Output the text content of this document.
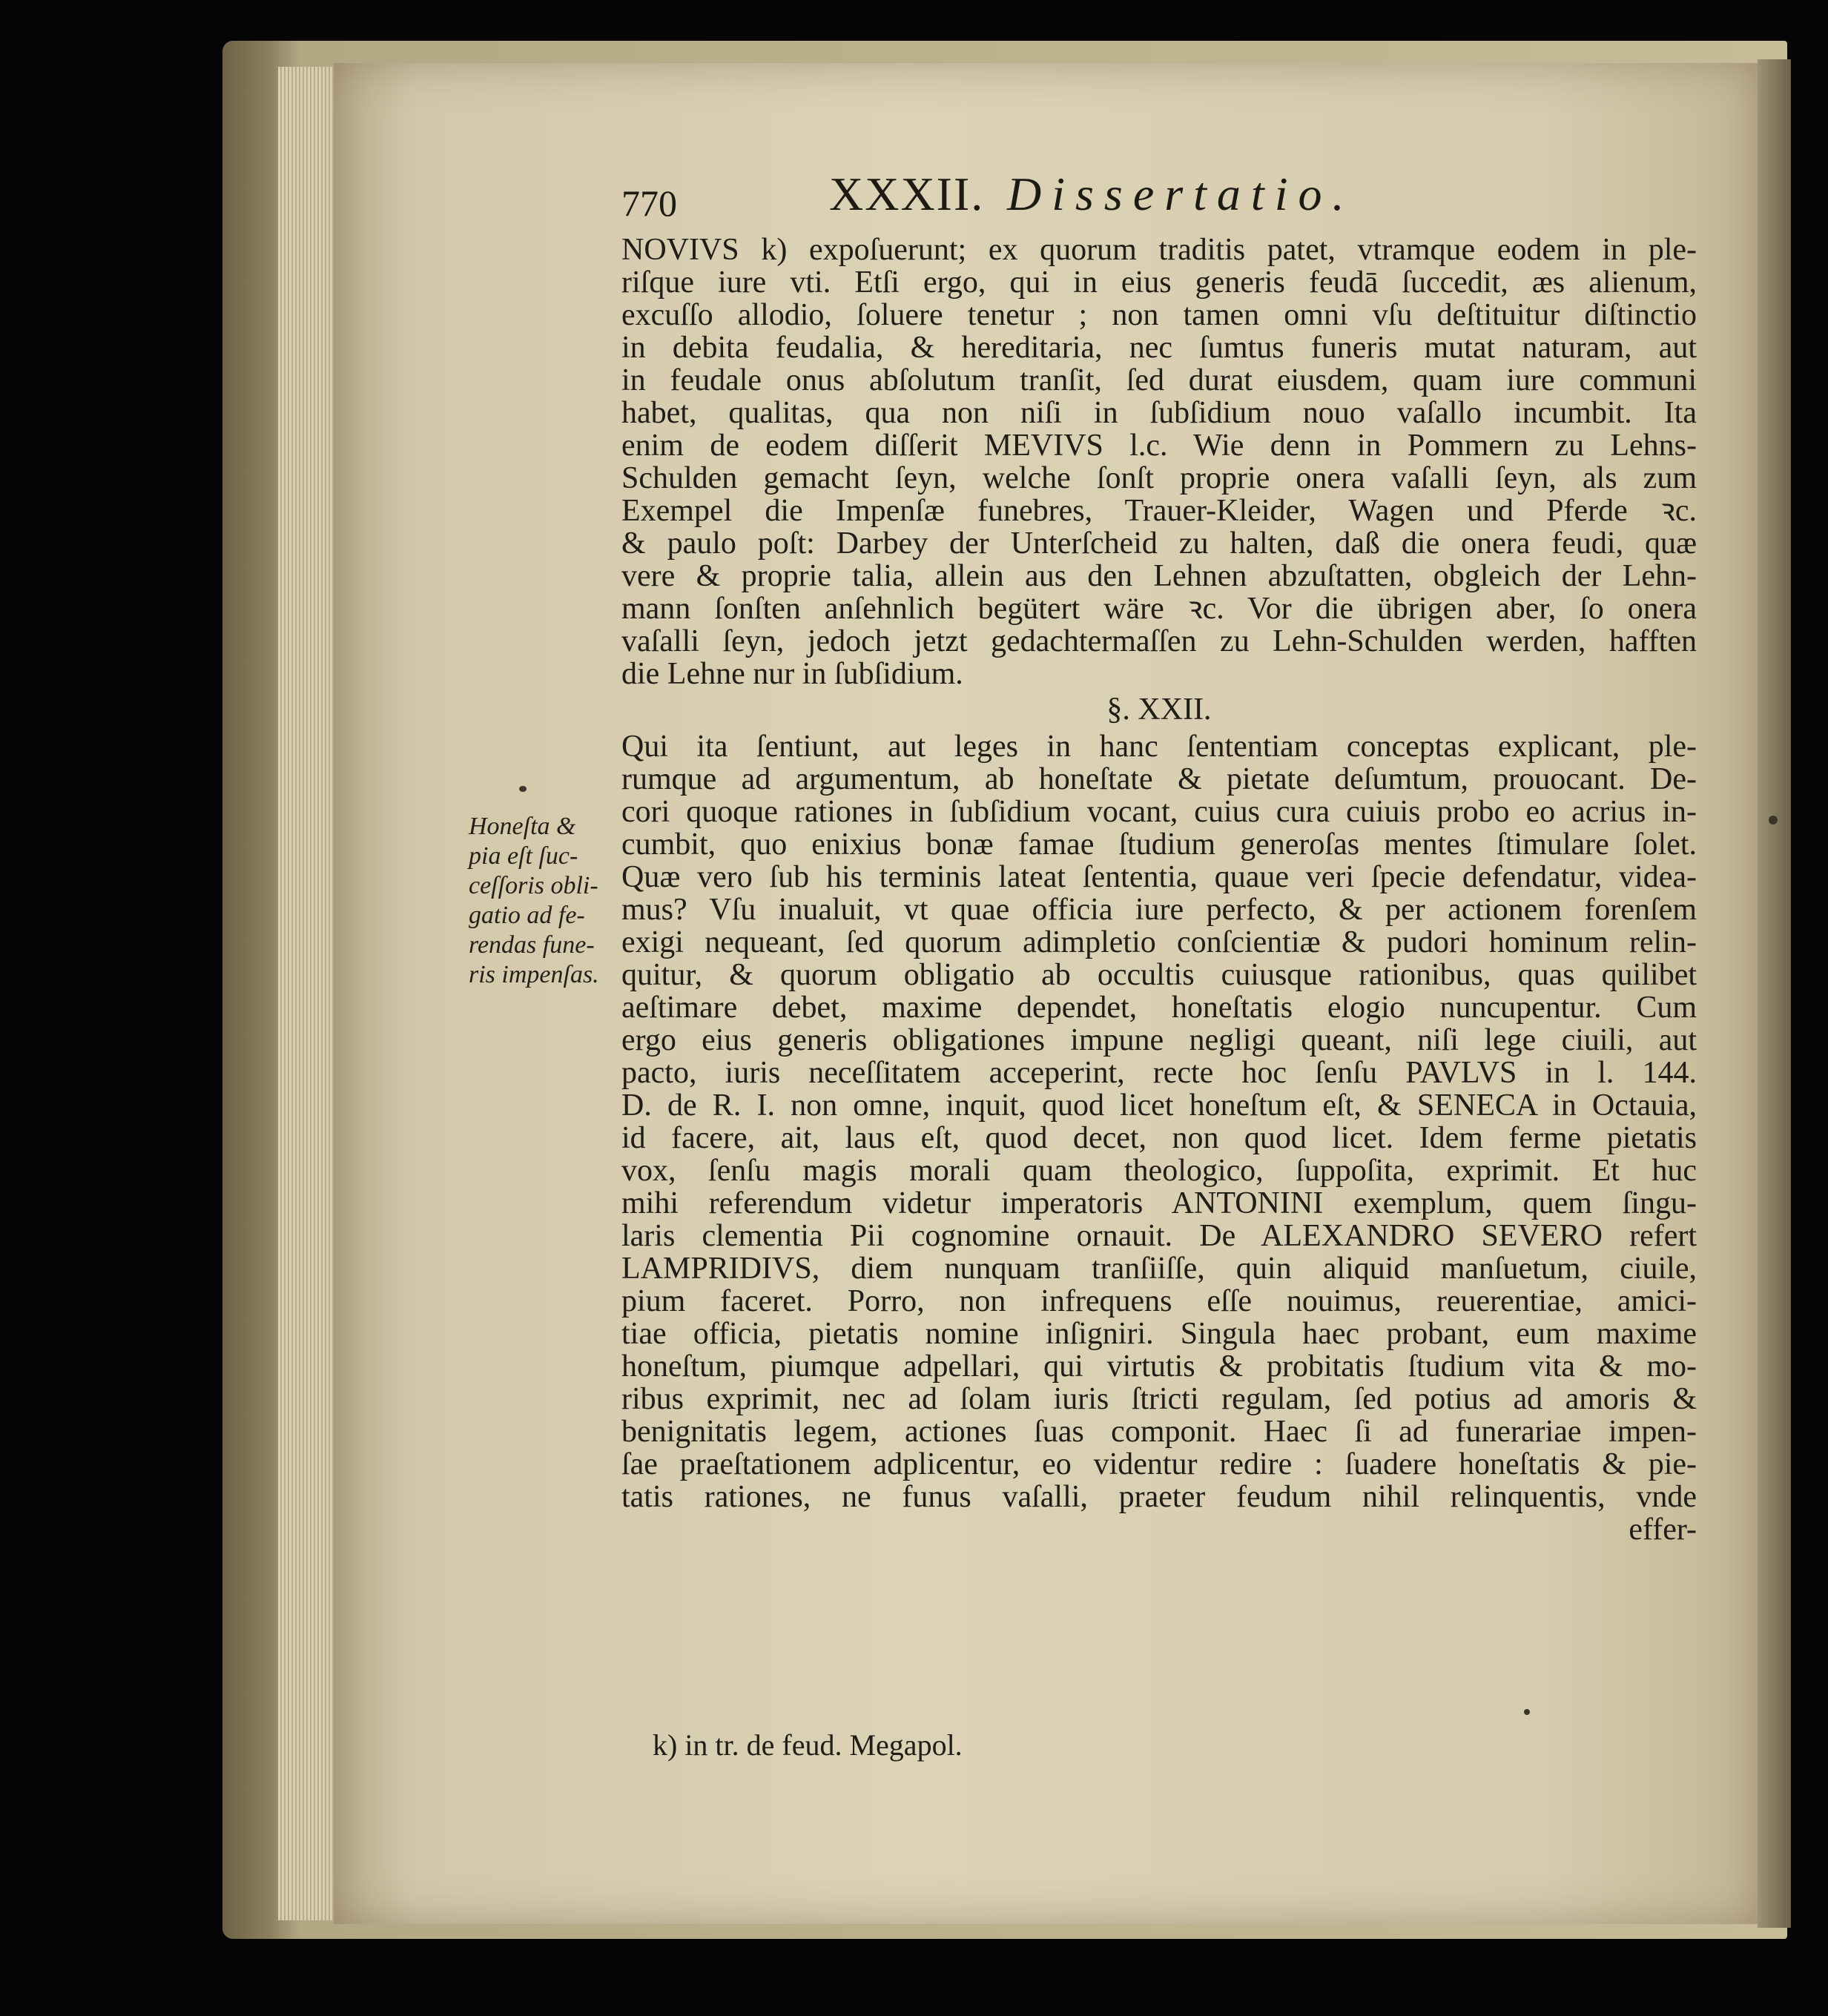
770	XXXII. Dissertatio.
NOVIVS k) expoſuerunt; ex quorum traditis patet, vtramque eodem in ple-
riſque iure vti. Etſi ergo, qui in eius generis feudā ſuccedit, æs alienum,
excuſſo allodio, ſoluere tenetur ; non tamen omni vſu deſtituitur diſtinctio
in debita feudalia, & hereditaria, nec ſumtus funeris mutat naturam, aut
in feudale onus abſolutum tranſit, ſed durat eiusdem, quam iure communi
habet, qualitas, qua non niſi in ſubſidium nouo vaſallo incumbit. Ita
enim de eodem diſſerit MEVIVS l.c. Wie denn in Pommern zu Lehns-
Schulden gemacht ſeyn, welche ſonſt proprie onera vaſalli ſeyn, als zum
Exempel die Impenſæ funebres, Trauer-Kleider, Wagen und Pferde ꝛc.
& paulo poſt: Darbey der Unterſcheid zu halten, daß die onera feudi, quæ
vere & proprie talia, allein aus den Lehnen abzuſtatten, obgleich der Lehn-
mann ſonſten anſehnlich begütert wäre ꝛc. Vor die übrigen aber, ſo onera
vaſalli ſeyn, jedoch jetzt gedachtermaſſen zu Lehn-Schulden werden, hafften
die Lehne nur in ſubſidium.
§. XXII.
Qui ita ſentiunt, aut leges in hanc ſententiam conceptas explicant, ple-
rumque ad argumentum, ab honeſtate & pietate deſumtum, prouocant. De-
cori quoque rationes in ſubſidium vocant, cuius cura cuiuis probo eo acrius in-
cumbit, quo enixius bonæ famae ſtudium generoſas mentes ſtimulare ſolet.
Quæ vero ſub his terminis lateat ſententia, quaue veri ſpecie defendatur, videa-
mus? Vſu inualuit, vt quae officia iure perfecto, & per actionem forenſem
exigi nequeant, ſed quorum adimpletio conſcientiæ & pudori hominum relin-
quitur, & quorum obligatio ab occultis cuiusque rationibus, quas quilibet
aeſtimare debet, maxime dependet, honeſtatis elogio nuncupentur. Cum
ergo eius generis obligationes impune negligi queant, niſi lege ciuili, aut
pacto, iuris neceſſitatem acceperint, recte hoc ſenſu PAVLVS in l. 144.
D. de R. I. non omne, inquit, quod licet honeſtum eſt, & SENECA in Octauia,
id facere, ait, laus eſt, quod decet, non quod licet. Idem ferme pietatis
vox, ſenſu magis morali quam theologico, ſuppoſita, exprimit. Et huc
mihi referendum videtur imperatoris ANTONINI exemplum, quem ſingu-
laris clementia Pii cognomine ornauit. De ALEXANDRO SEVERO refert
LAMPRIDIVS, diem nunquam tranſiiſſe, quin aliquid manſuetum, ciuile,
pium faceret. Porro, non infrequens eſſe nouimus, reuerentiae, amici-
tiae officia, pietatis nomine inſigniri. Singula haec probant, eum maxime
honeſtum, piumque adpellari, qui virtutis & probitatis ſtudium vita & mo-
ribus exprimit, nec ad ſolam iuris ſtricti regulam, ſed potius ad amoris &
benignitatis legem, actiones ſuas componit. Haec ſi ad funerariae impen-
ſae praeſtationem adplicentur, eo videntur redire : ſuadere honeſtatis & pie-
tatis rationes, ne funus vaſalli, praeter feudum nihil relinquentis, vnde
effer-
Honeſta &
pia eſt ſuc-
ceſſoris obli-
gatio ad fe-
rendas fune-
ris impenſas.
k) in tr. de feud. Megapol.
